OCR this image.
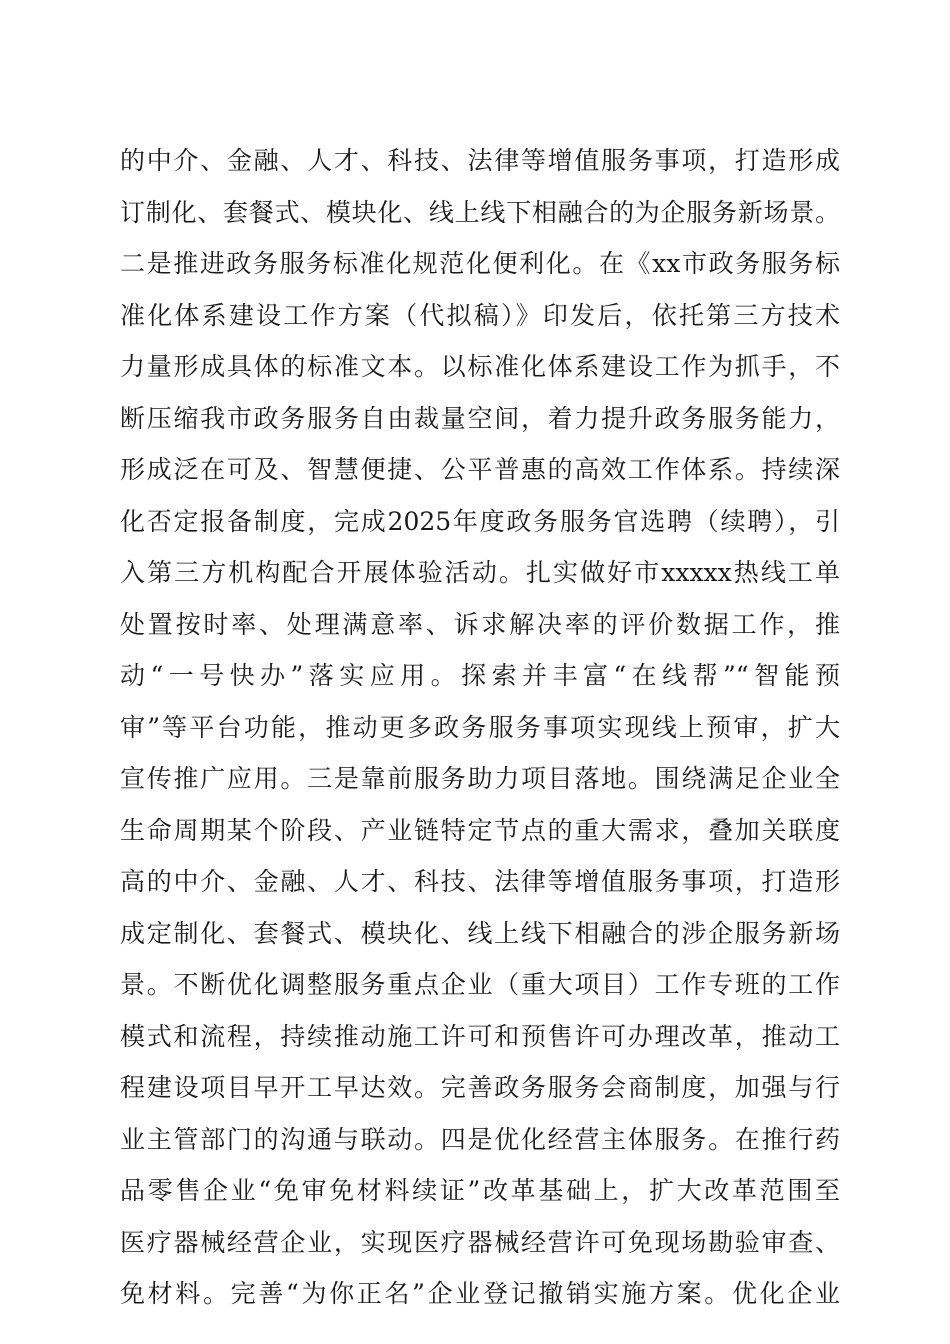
的中介、金融、人才、科技、法律等增值服务事项，打造形成
订制化、套餐式、模块化、线上线下相融合的为企服务新场景。
二是推进政务服务标准化规范化便利化。在《xx市政务服务标
准化体系建设工作方案（代拟稿）》印发后，依托第三方技术
力量形成具体的标准文本。以标准化体系建设工作为抓手，不
断压缩我市政务服务自由裁量空间，着力提升政务服务能力，
形成泛在可及、智慧便捷、公平普惠的高效工作体系。持续深
化否定报备制度，完成2025年度政务服务官选聘（续聘），引
入第三方机构配合开展体验活动。扎实做好市xxxxx热线工单
处置按时率、处理满意率、诉求解决率的评价数据工作，推
动“一号快办”落实应用。探索并丰富“在线帮”“智能预
审”等平台功能，推动更多政务服务事项实现线上预审，扩大
宣传推广应用。三是靠前服务助力项目落地。围绕满足企业全
生命周期某个阶段、产业链特定节点的重大需求，叠加关联度
高的中介、金融、人才、科技、法律等增值服务事项，打造形
成定制化、套餐式、模块化、线上线下相融合的涉企服务新场
景。不断优化调整服务重点企业（重大项目）工作专班的工作
模式和流程，持续推动施工许可和预售许可办理改革，推动工
程建设项目早开工早达效。完善政务服务会商制度，加强与行
业主管部门的沟通与联动。四是优化经营主体服务。在推行药
品零售企业“免审免材料续证”改革基础上，扩大改革范围至
医疗器械经营企业，实现医疗器械经营许可免现场勘验审查、
免材料。完善“为你正名”企业登记撤销实施方案。优化企业
